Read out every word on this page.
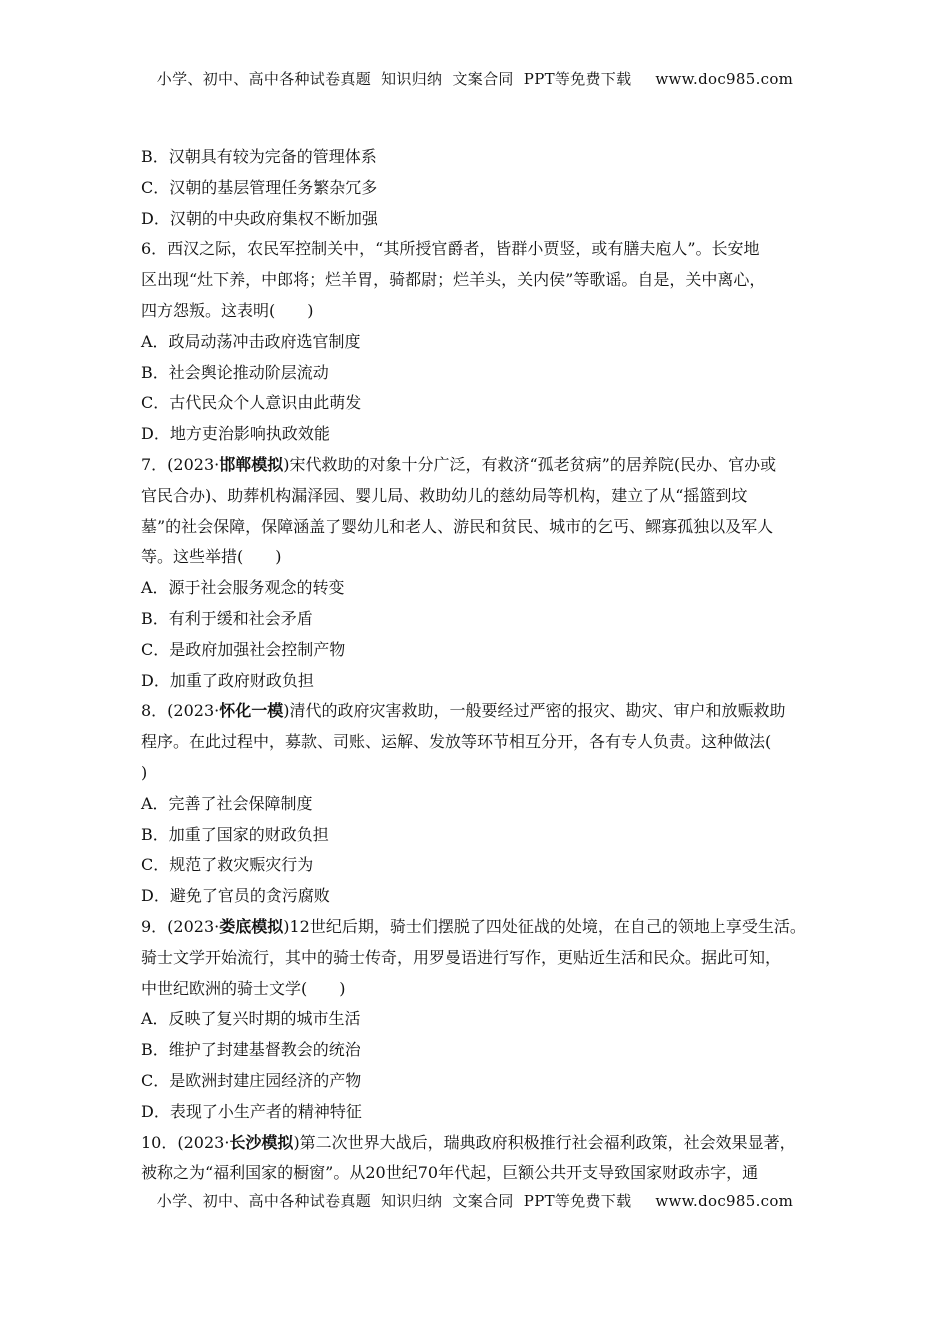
小学、初中、高中各种试卷真题  知识归纳  文案合同  PPT等免费下载 www.doc985.com
B．汉朝具有较为完备的管理体系
C．汉朝的基层管理任务繁杂冗多
D．汉朝的中央政府集权不断加强
6．西汉之际，农民军控制关中，“其所授官爵者，皆群小贾竖，或有膳夫庖人”。长安地
区出现“灶下养，中郎将；烂羊胃，骑都尉；烂羊头，关内侯”等歌谣。自是，关中离心，
四方怨叛。这表明(　　)
A．政局动荡冲击政府选官制度
B．社会舆论推动阶层流动
C．古代民众个人意识由此萌发
D．地方吏治影响执政效能
7．(2023·邯郸模拟)宋代救助的对象十分广泛，有救济“孤老贫病”的居养院(民办、官办或
官民合办)、助葬机构漏泽园、婴儿局、救助幼儿的慈幼局等机构，建立了从“摇篮到坟
墓”的社会保障，保障涵盖了婴幼儿和老人、游民和贫民、城市的乞丐、鳏寡孤独以及军人
等。这些举措(　　)
A．源于社会服务观念的转变
B．有利于缓和社会矛盾
C．是政府加强社会控制产物
D．加重了政府财政负担
8．(2023·怀化一模)清代的政府灾害救助，一般要经过严密的报灾、勘灾、审户和放赈救助
程序。在此过程中，募款、司账、运解、发放等环节相互分开，各有专人负责。这种做法(
)
A．完善了社会保障制度
B．加重了国家的财政负担
C．规范了救灾赈灾行为
D．避免了官员的贪污腐败
9．(2023·娄底模拟)12世纪后期，骑士们摆脱了四处征战的处境，在自己的领地上享受生活。
骑士文学开始流行，其中的骑士传奇，用罗曼语进行写作，更贴近生活和民众。据此可知，
中世纪欧洲的骑士文学(　　)
A．反映了复兴时期的城市生活
B．维护了封建基督教会的统治
C．是欧洲封建庄园经济的产物
D．表现了小生产者的精神特征
10．(2023·长沙模拟)第二次世界大战后，瑞典政府积极推行社会福利政策，社会效果显著，
被称之为“福利国家的橱窗”。从20世纪70年代起，巨额公共开支导致国家财政赤字，通
小学、初中、高中各种试卷真题  知识归纳  文案合同  PPT等免费下载 www.doc985.com
